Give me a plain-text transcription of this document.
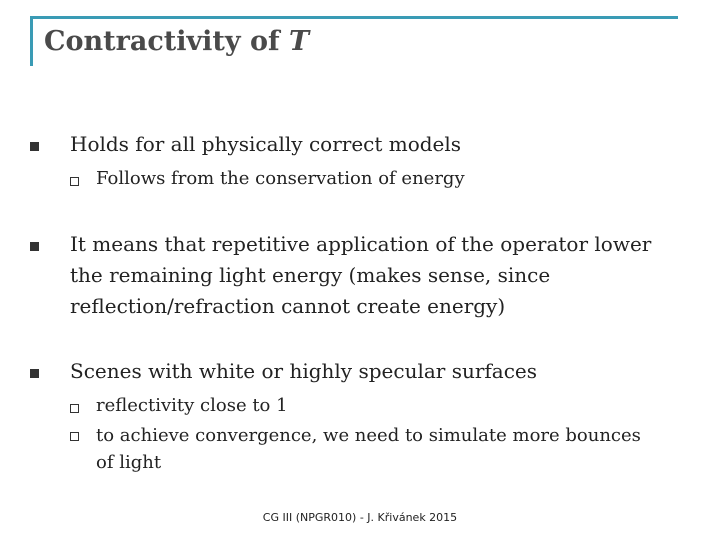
Contractivity of T
Holds for all physically correct models
Follows from the conservation of energy
It means that repetitive application of the operator lower
the remaining light energy (makes sense, since
reflection/refraction cannot create energy)
Scenes with white or highly specular surfaces
reflectivity close to 1
to achieve convergence, we need to simulate more bounces
of light
CG III (NPGR010) - J. Křivánek 2015
